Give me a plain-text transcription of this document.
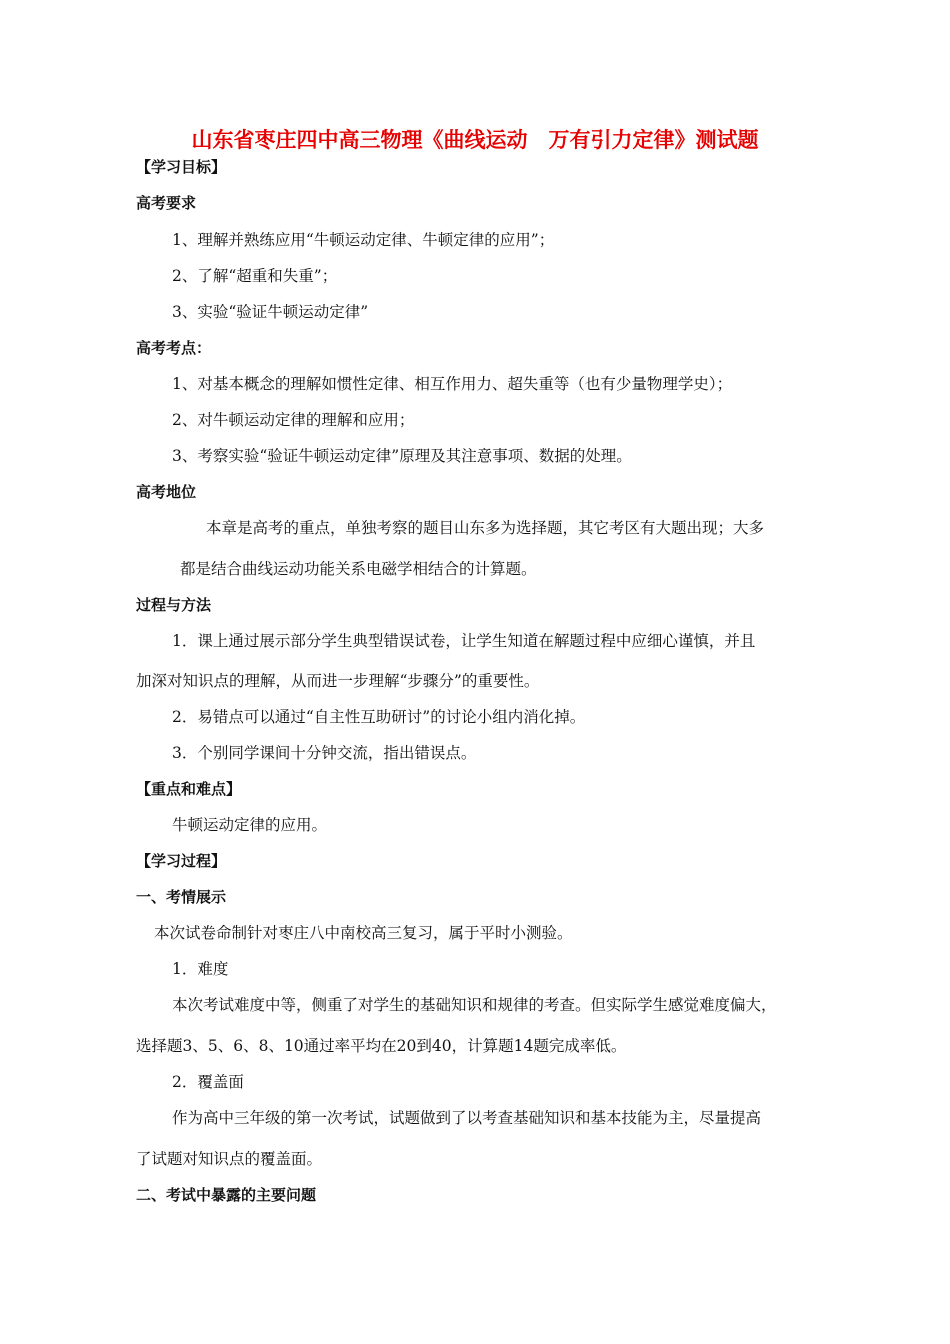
山东省枣庄四中高三物理《曲线运动　万有引力定律》测试题
【学习目标】
高考要求
1、理解并熟练应用“牛顿运动定律、牛顿定律的应用”；
2、了解“超重和失重”；
3、实验“验证牛顿运动定律”
高考考点：
1、对基本概念的理解如惯性定律、相互作用力、超失重等（也有少量物理学史）；
2、对牛顿运动定律的理解和应用；
3、考察实验“验证牛顿运动定律”原理及其注意事项、数据的处理。
高考地位
本章是高考的重点，单独考察的题目山东多为选择题，其它考区有大题出现；大多
都是结合曲线运动功能关系电磁学相结合的计算题。
过程与方法
1．课上通过展示部分学生典型错误试卷，让学生知道在解题过程中应细心谨慎，并且
加深对知识点的理解，从而进一步理解“步骤分”的重要性。
2．易错点可以通过“自主性互助研讨”的讨论小组内消化掉。
3．个别同学课间十分钟交流，指出错误点。
【重点和难点】
牛顿运动定律的应用。
【学习过程】
一、考情展示
本次试卷命制针对枣庄八中南校高三复习，属于平时小测验。
1．难度
本次考试难度中等，侧重了对学生的基础知识和规律的考查。但实际学生感觉难度偏大，
选择题3、5、6、8、10通过率平均在20到40，计算题14题完成率低。
2．覆盖面
作为高中三年级的第一次考试，试题做到了以考查基础知识和基本技能为主，尽量提高
了试题对知识点的覆盖面。
二、考试中暴露的主要问题
